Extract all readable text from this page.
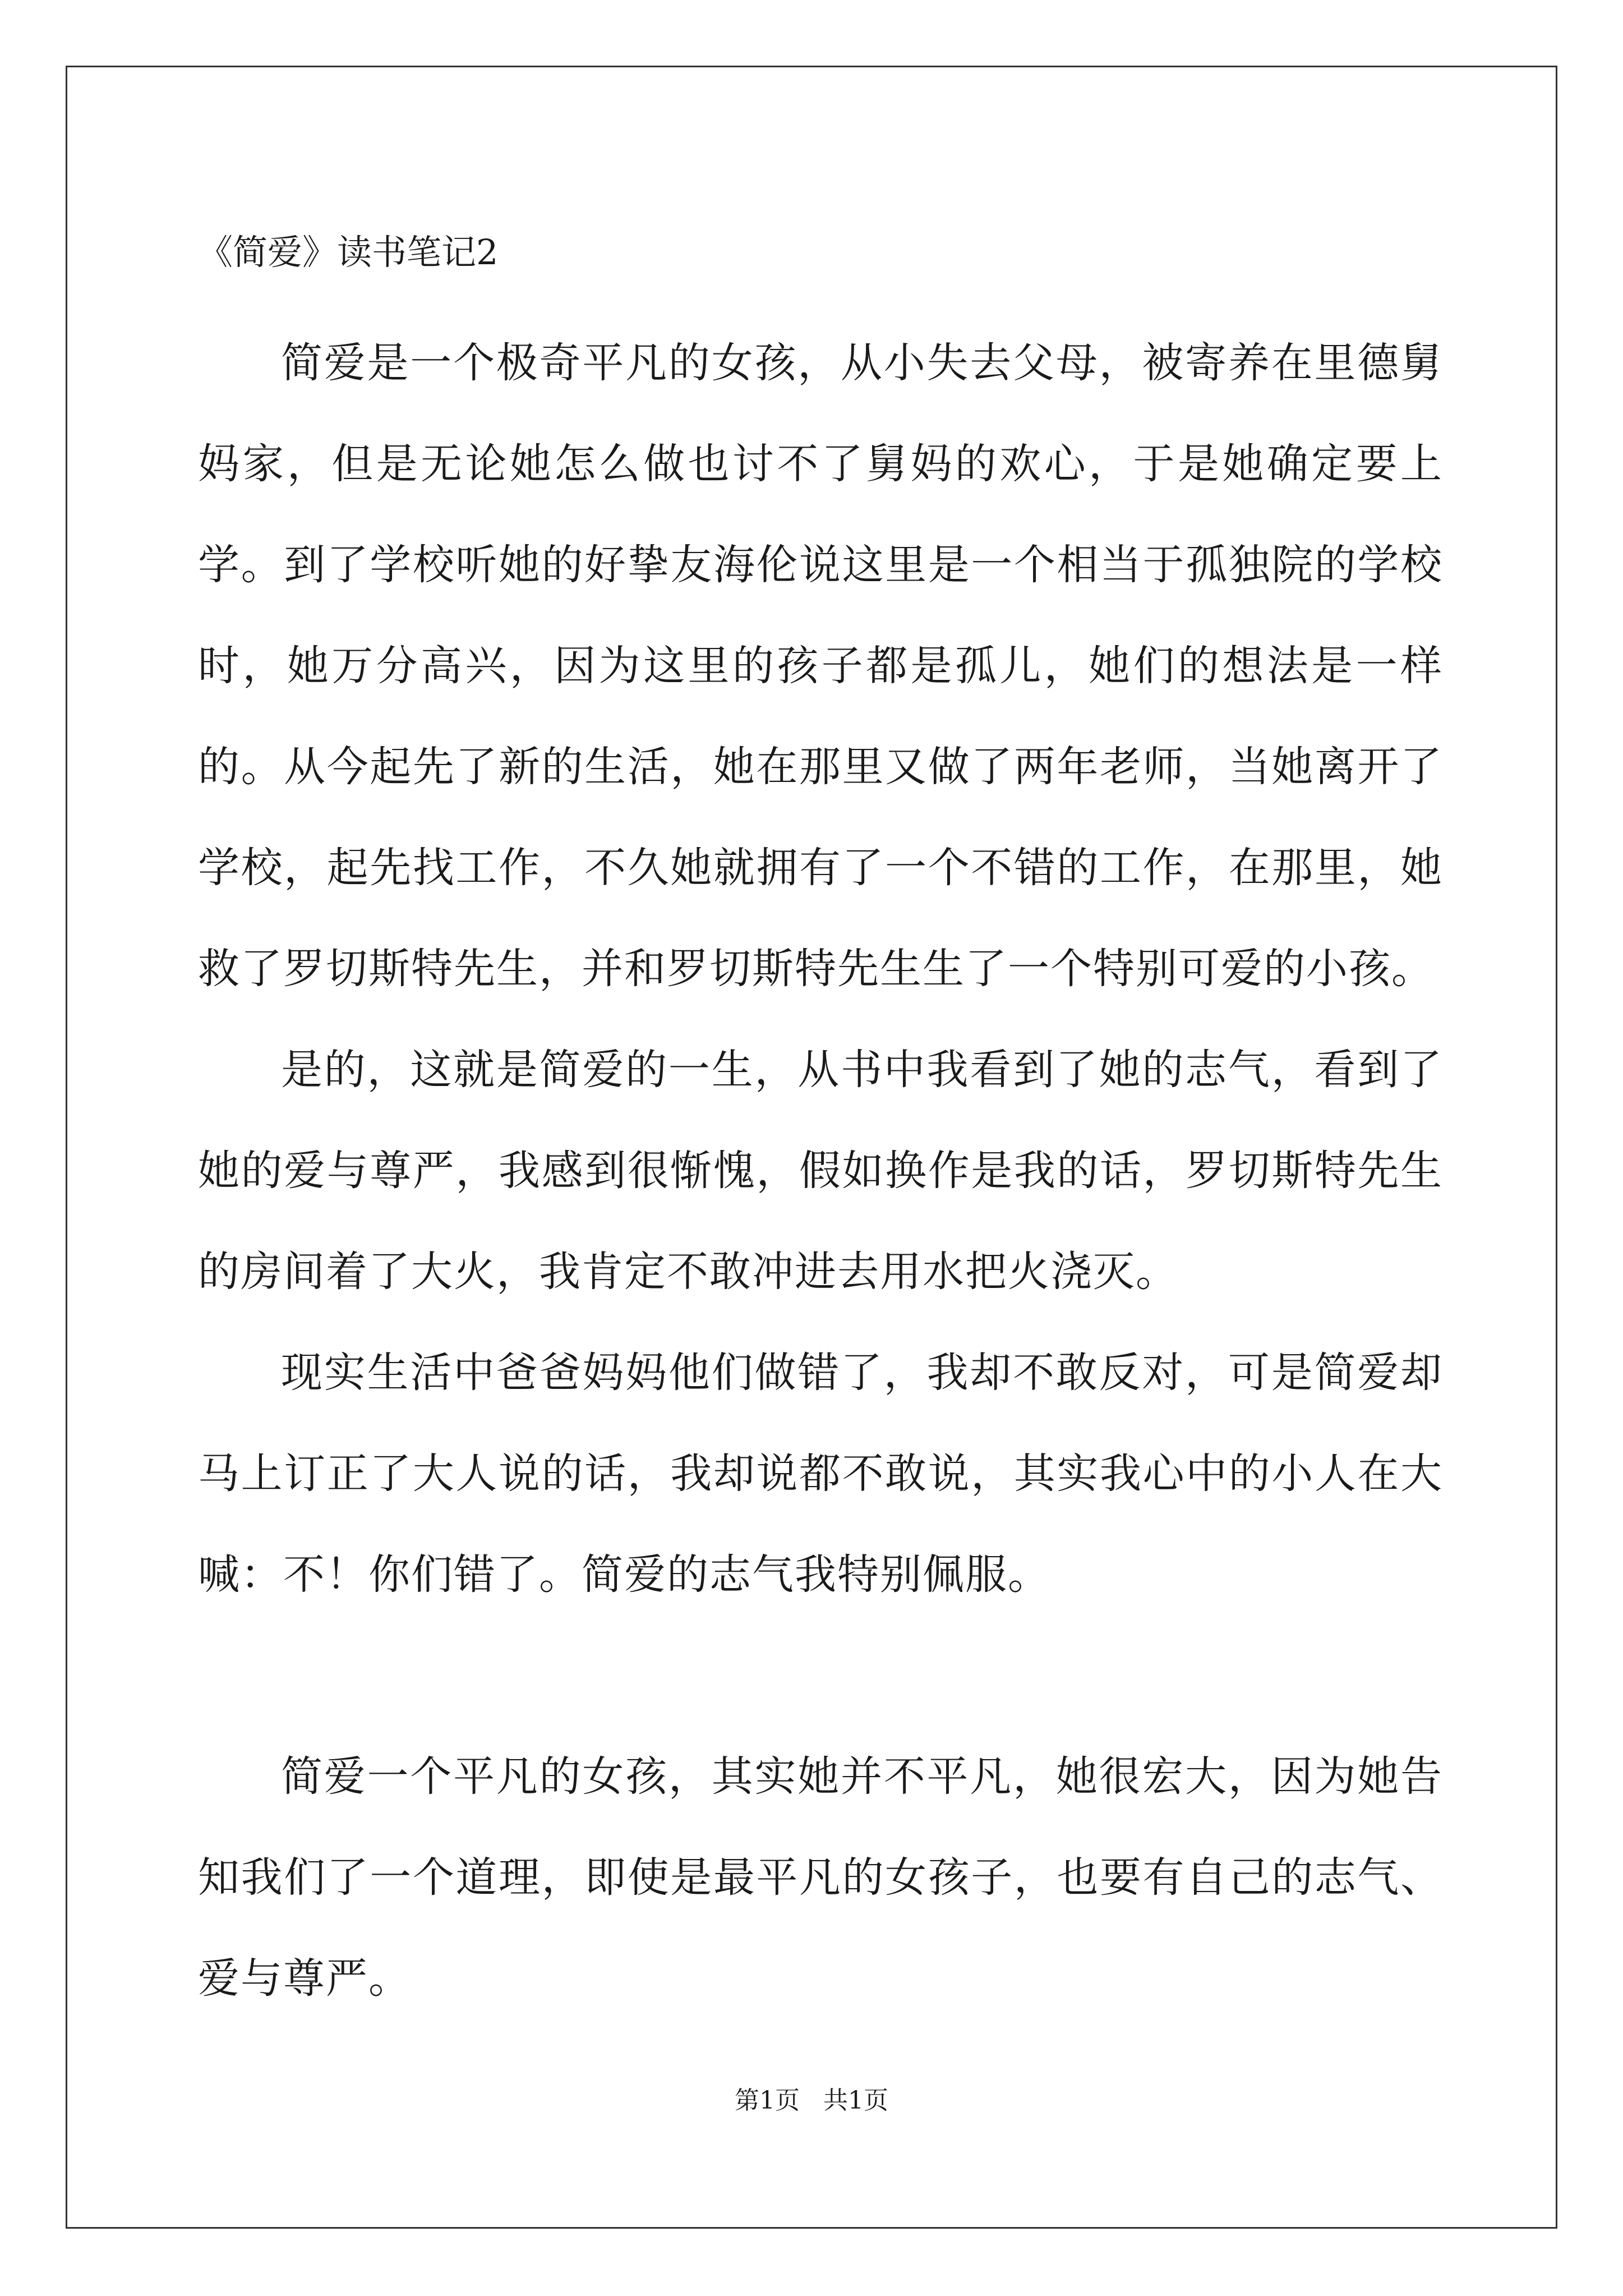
《简爱》读书笔记2

简爱是一个极奇平凡的女孩，从小失去父母，被寄养在里德舅妈家，但是无论她怎么做也讨不了舅妈的欢心，于是她确定要上学。到了学校听她的好挚友海伦说这里是一个相当于孤独院的学校时，她万分高兴，因为这里的孩子都是孤儿，她们的想法是一样的。从今起先了新的生活，她在那里又做了两年老师，当她离开了学校，起先找工作，不久她就拥有了一个不错的工作，在那里，她救了罗切斯特先生，并和罗切斯特先生生了一个特别可爱的小孩。

是的，这就是简爱的一生，从书中我看到了她的志气，看到了她的爱与尊严，我感到很惭愧，假如换作是我的话，罗切斯特先生的房间着了大火，我肯定不敢冲进去用水把火浇灭。

现实生活中爸爸妈妈他们做错了，我却不敢反对，可是简爱却马上订正了大人说的话，我却说都不敢说，其实我心中的小人在大喊：不！你们错了。简爱的志气我特别佩服。

简爱一个平凡的女孩，其实她并不平凡，她很宏大，因为她告知我们了一个道理，即使是最平凡的女孩子，也要有自己的志气、爱与尊严。

第1页   共1页
